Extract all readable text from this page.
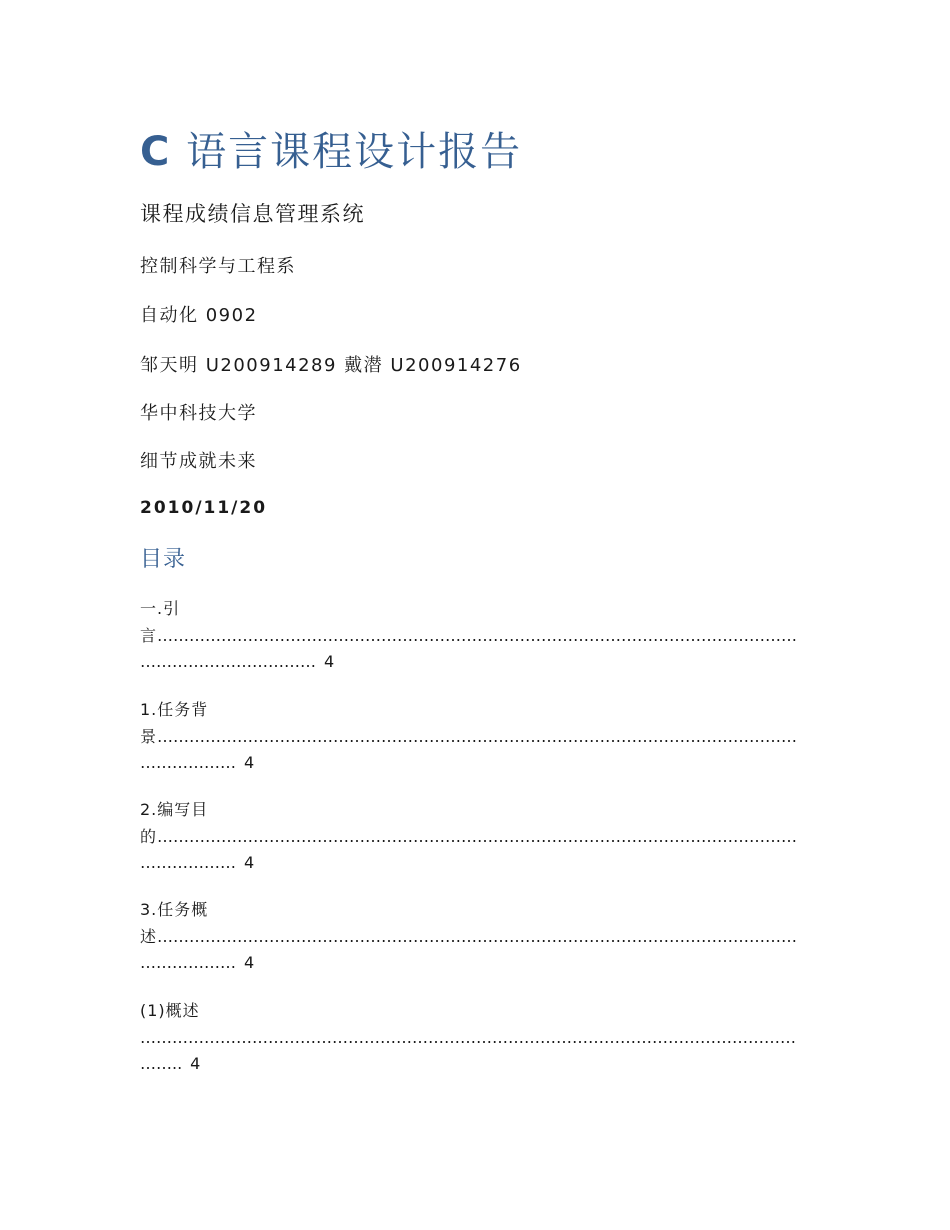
C 语言课程设计报告
课程成绩信息管理系统
控制科学与工程系
自动化 0902
邹天明 U200914289 戴潜 U200914276
华中科技大学
细节成就未来
2010/11/20
目录
一.引
言…………………………………………………………………………………………………………
…………………………… 4
1.任务背
景…………………………………………………………………………………………………………
……………… 4
2.编写目
的…………………………………………………………………………………………………………
……………… 4
3.任务概
述…………………………………………………………………………………………………………
……………… 4
(1)概述
……………………………………………………………………………………………………………
…….. 4
